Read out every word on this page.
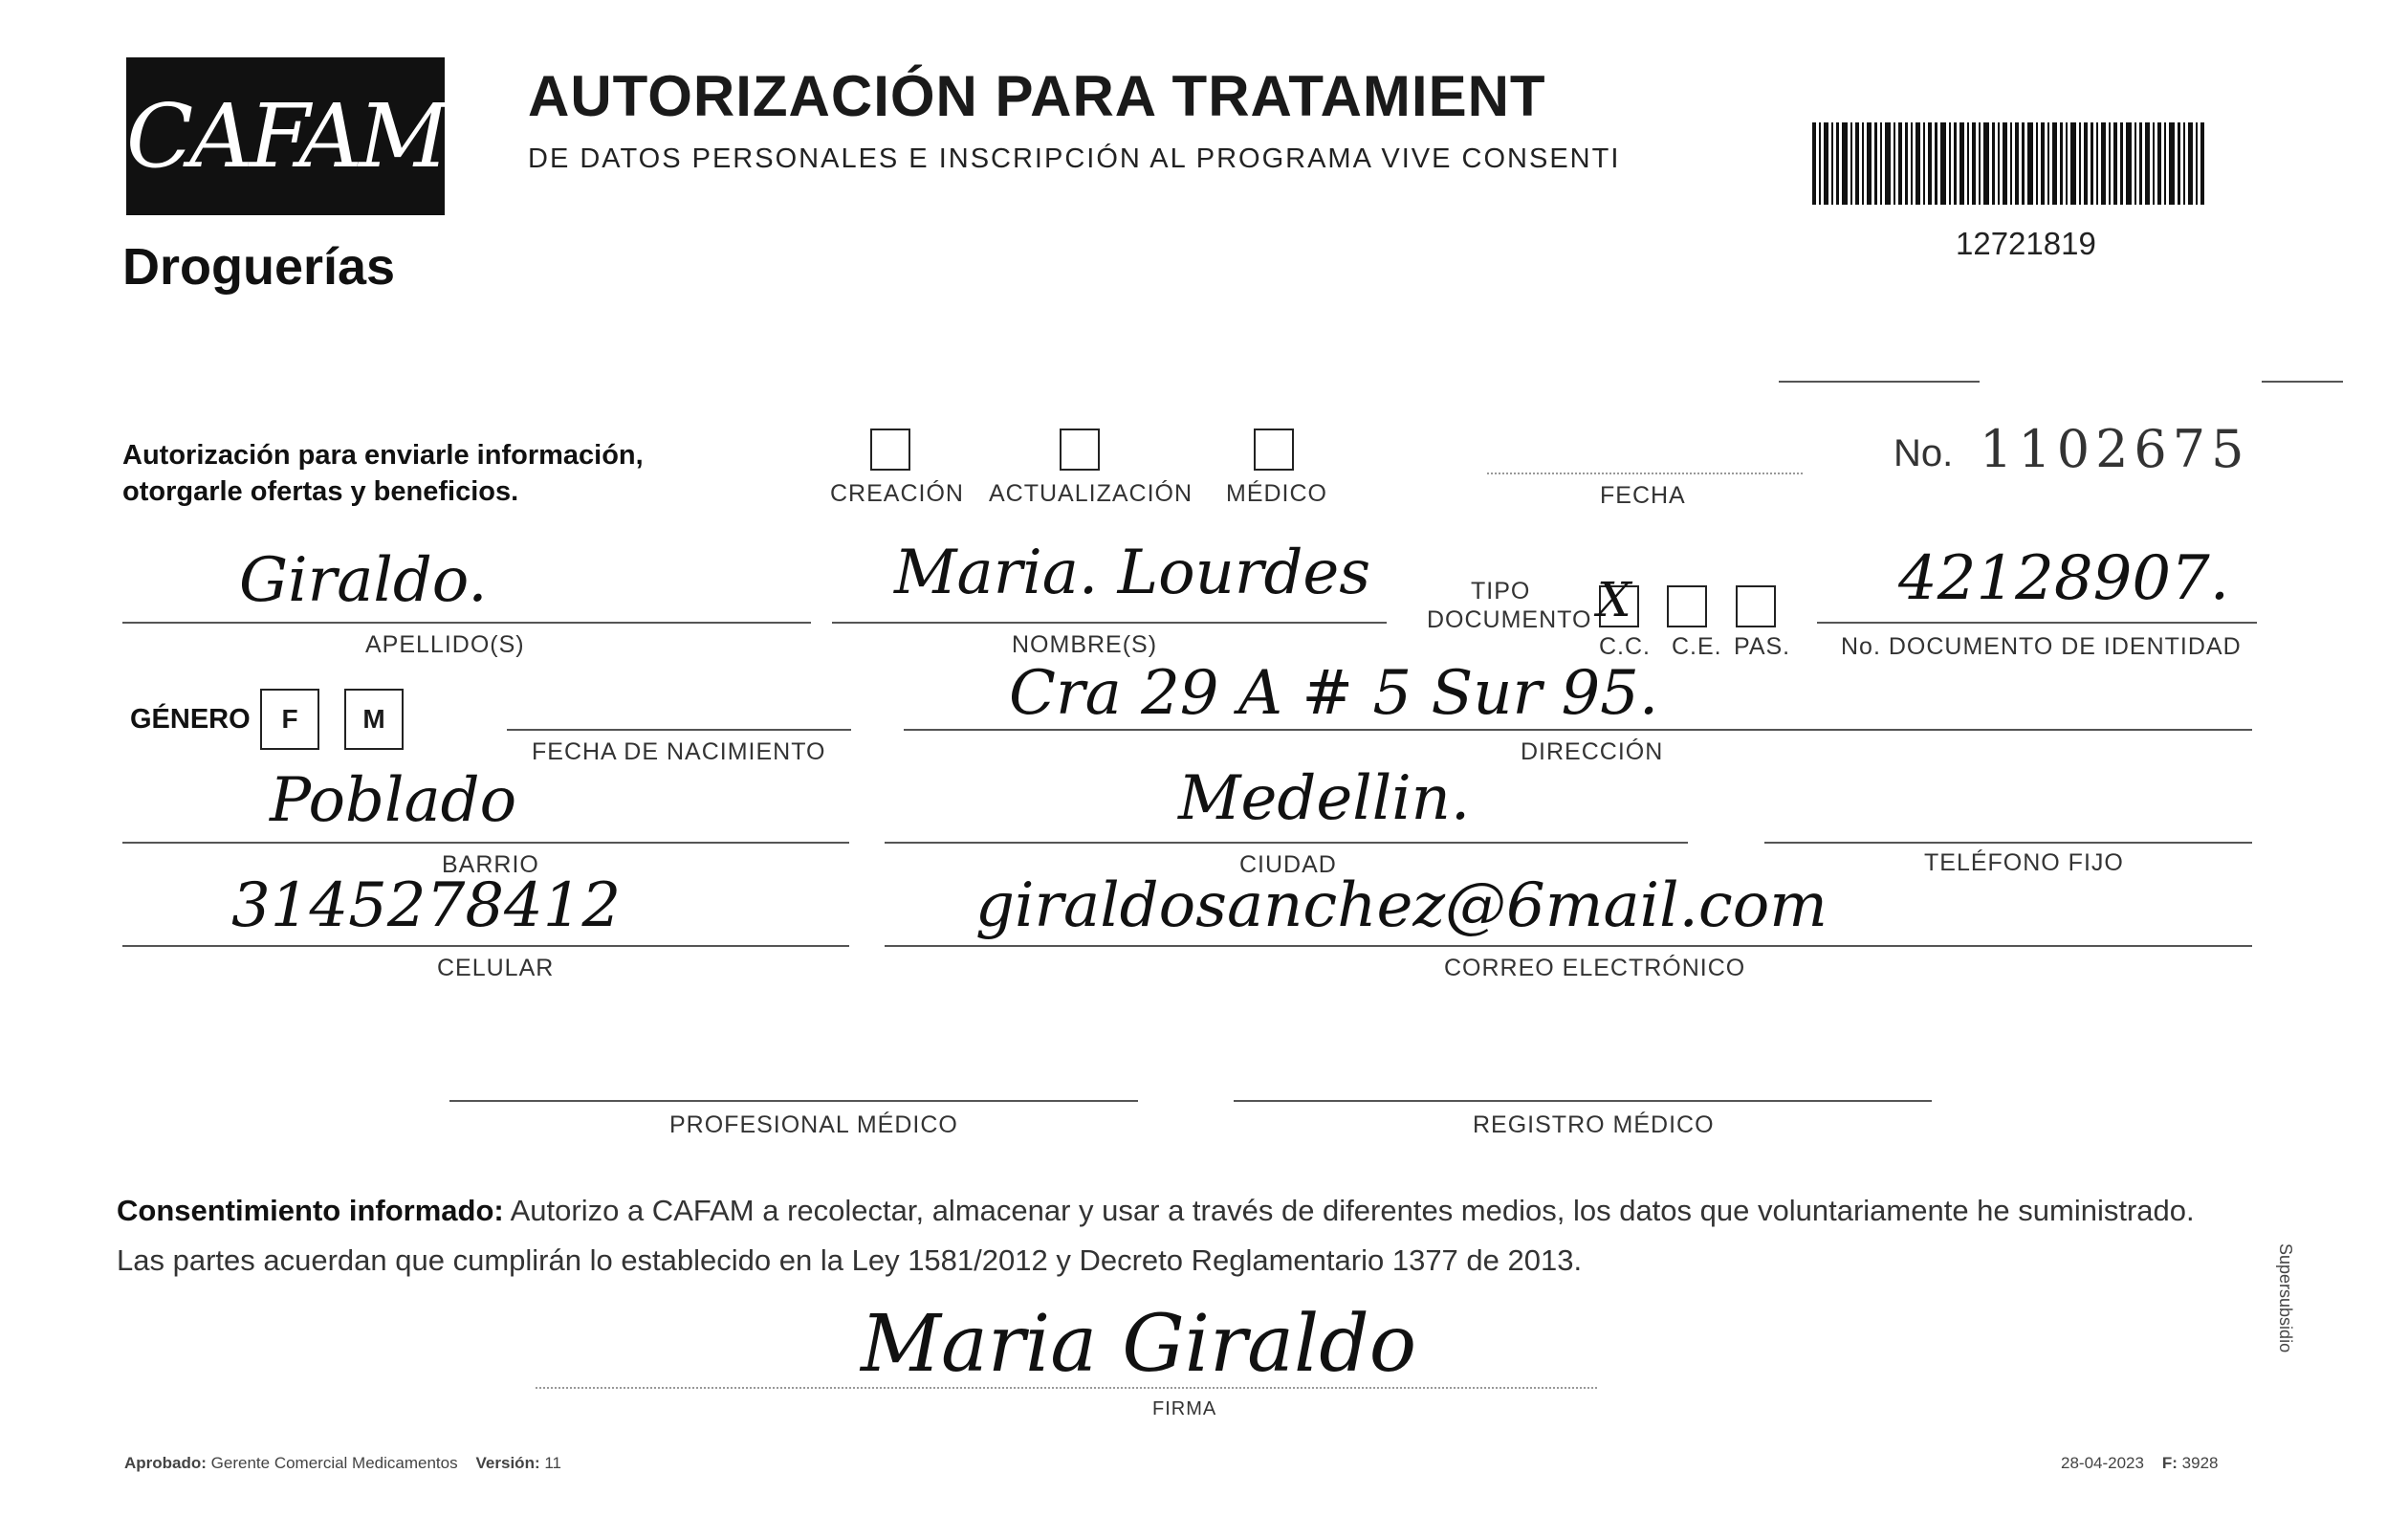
CAFAM
Droguerías
AUTORIZACIÓN PARA TRATAMIENT
DE DATOS PERSONALES E INSCRIPCIÓN AL PROGRAMA VIVE CONSENTI
12721819
Autorización para enviarle información,
otorgarle ofertas y beneficios.	CREACIÓN ACTUALIZACIÓN MÉDICO	FECHA
No. 1102675
Giraldo.
APELLIDO(S)
Maria. Lourdes
NOMBRE(S)
TIPO
DOCUMENTO X
C.C. C.E. PAS.
42128907.
No. DOCUMENTO DE IDENTIDAD
GÉNERO	F	M
FECHA DE NACIMIENTO
Cra 29 A # 5 Sur 95.
DIRECCIÓN
Poblado
BARRIO
Medellin.
CIUDAD	TELÉFONO FIJO
3145278412
CELULAR
giraldosanchez@6mail.com
CORREO ELECTRÓNICO
PROFESIONAL MÉDICO	REGISTRO MÉDICO
Consentimiento informado: Autorizo a CAFAM a recolectar, almacenar y usar a través de diferentes medios, los datos que voluntariamente he suministrado.
Las partes acuerdan que cumplirán lo establecido en la Ley 1581/2012 y Decreto Reglamentario 1377 de 2013.
Maria Giraldo
FIRMA
Supersubsidio
Aprobado: Gerente Comercial Medicamentos Versión: 11	28-04-2023 F: 3928
